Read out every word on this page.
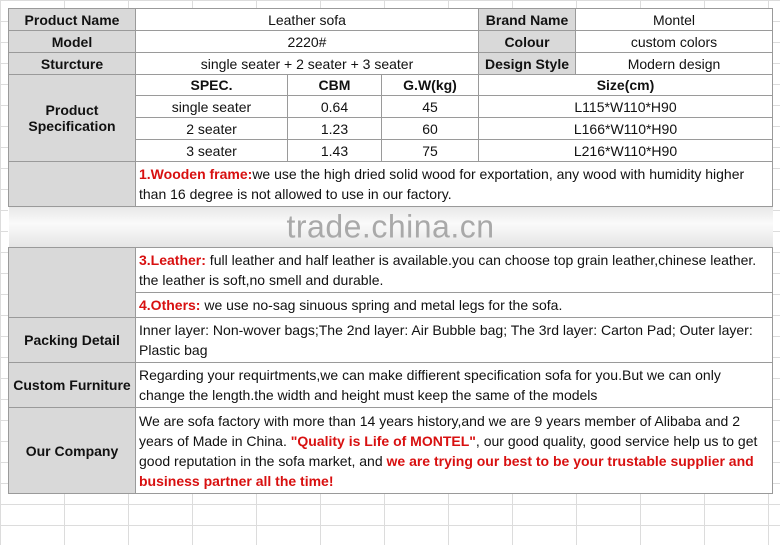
Product Name	Leather sofa			Brand Name	Montel
Model	2220#			Colour	custom colors
Sturcture	single seater + 2 seater + 3 seater			Design Style	Modern design
Product Specification	SPEC.	CBM	G.W(kg)	Size(cm)	
	single seater	0.64	45	L115*W110*H90	
	2 seater	1.23	60	L166*W110*H90	
	3 seater	1.43	75	L216*W110*H90	
	1.Wooden frame:we use the high dried solid wood for exportation, any wood with humidity higher than 16 degree is not allowed to use in our factory.				

trade.china.cn					

	3.Leather: full leather and half leather is available.you can choose top grain leather,chinese leather. the leather is soft,no smell and durable.				
	4.Others: we use no-sag sinuous spring and metal legs for the sofa.				
Packing Detail	Inner layer: Non-wover bags;The 2nd layer: Air Bubble bag; The 3rd layer: Carton Pad; Outer layer: Plastic bag				
Custom Furniture	Regarding your requirtments,we can make diffierent specification sofa for you.But we can only change the length.the width and height must keep the same of the models				
Our Company	We are sofa factory with more than 14 years history,and we are 9 years member of Alibaba and 2 years of Made in China. "Quality is Life of MONTEL", our good quality, good service help us to get good reputation in the sofa market, and we are trying our best to be your trustable supplier and business partner all the time!				
